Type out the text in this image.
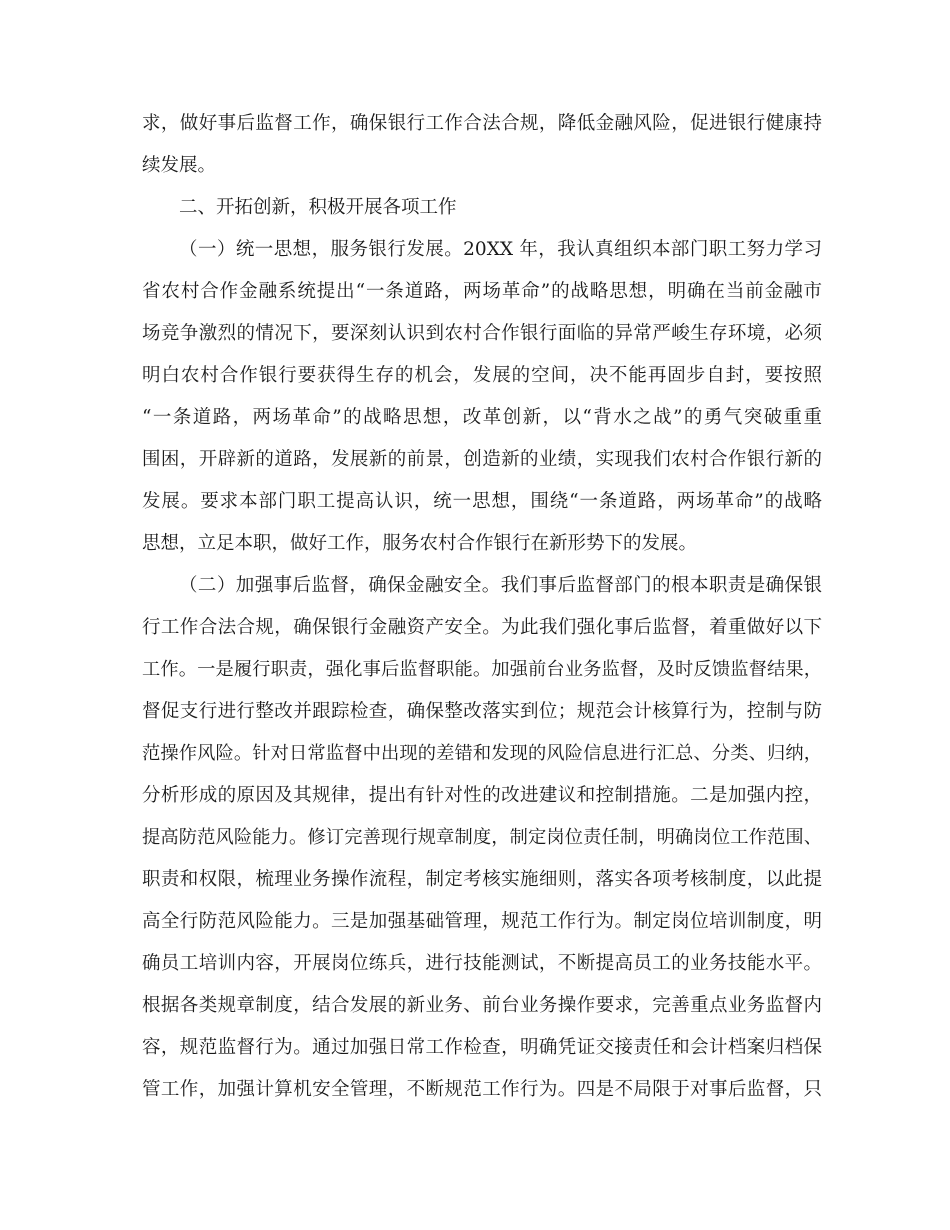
求，做好事后监督工作，确保银行工作合法合规，降低金融风险，促进银行健康持
续发展。
二、开拓创新，积极开展各项工作
（一）统一思想，服务银行发展。20XX 年，我认真组织本部门职工努力学习
省农村合作金融系统提出“一条道路，两场革命”的战略思想，明确在当前金融市
场竞争激烈的情况下，要深刻认识到农村合作银行面临的异常严峻生存环境，必须
明白农村合作银行要获得生存的机会，发展的空间，决不能再固步自封，要按照
“一条道路，两场革命”的战略思想，改革创新，以“背水之战”的勇气突破重重
围困，开辟新的道路，发展新的前景，创造新的业绩，实现我们农村合作银行新的
发展。要求本部门职工提高认识，统一思想，围绕“一条道路，两场革命”的战略
思想，立足本职，做好工作，服务农村合作银行在新形势下的发展。
（二）加强事后监督，确保金融安全。我们事后监督部门的根本职责是确保银
行工作合法合规，确保银行金融资产安全。为此我们强化事后监督，着重做好以下
工作。一是履行职责，强化事后监督职能。加强前台业务监督，及时反馈监督结果，
督促支行进行整改并跟踪检查，确保整改落实到位；规范会计核算行为，控制与防
范操作风险。针对日常监督中出现的差错和发现的风险信息进行汇总、分类、归纳，
分析形成的原因及其规律，提出有针对性的改进建议和控制措施。二是加强内控，
提高防范风险能力。修订完善现行规章制度，制定岗位责任制，明确岗位工作范围、
职责和权限，梳理业务操作流程，制定考核实施细则，落实各项考核制度，以此提
高全行防范风险能力。三是加强基础管理，规范工作行为。制定岗位培训制度，明
确员工培训内容，开展岗位练兵，进行技能测试，不断提高员工的业务技能水平。
根据各类规章制度，结合发展的新业务、前台业务操作要求，完善重点业务监督内
容，规范监督行为。通过加强日常工作检查，明确凭证交接责任和会计档案归档保
管工作，加强计算机安全管理，不断规范工作行为。四是不局限于对事后监督，只
